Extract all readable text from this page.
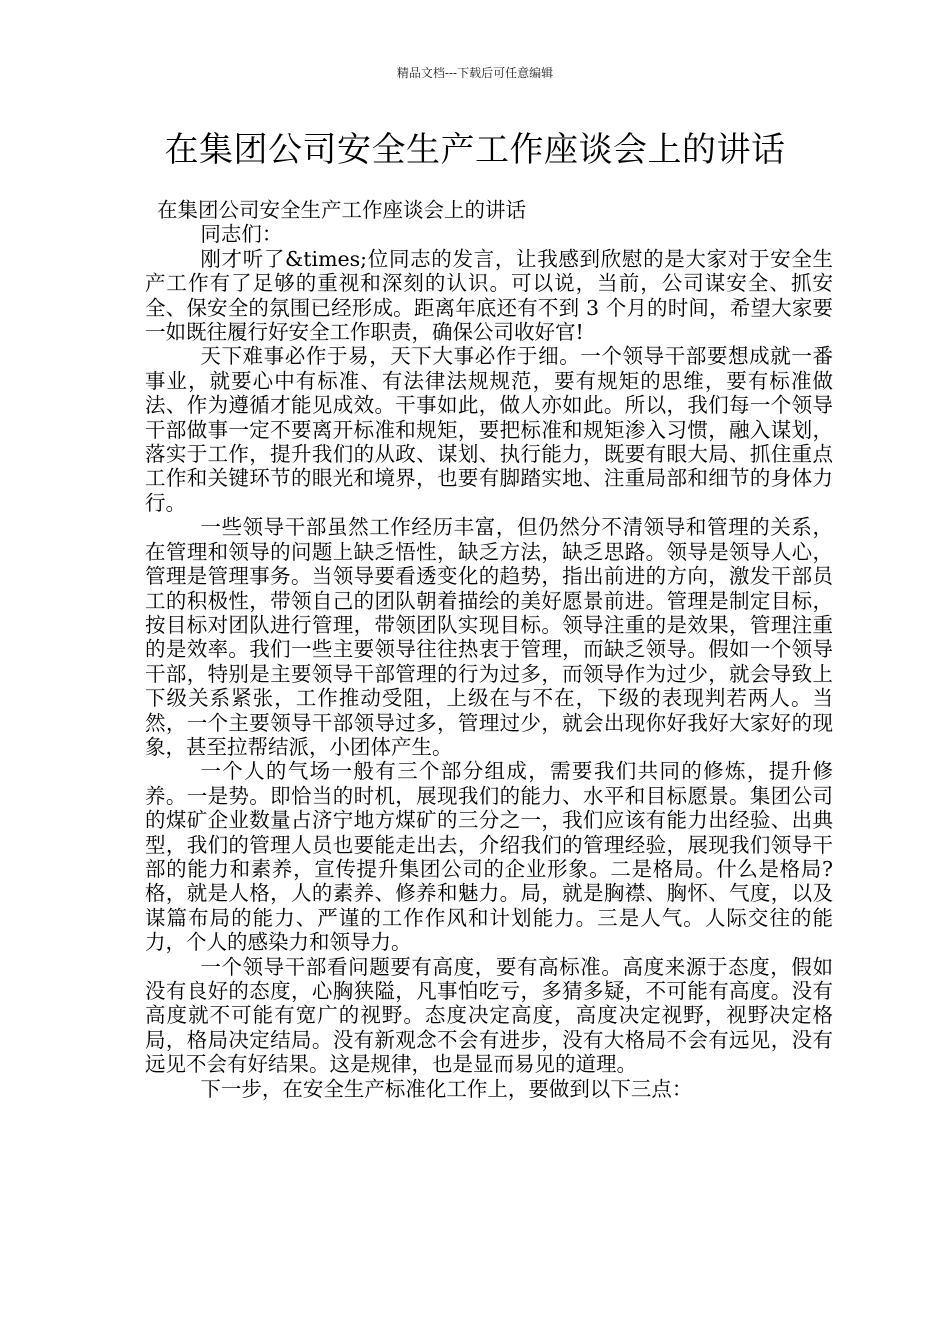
精品文档---下载后可任意编辑
在集团公司安全生产工作座谈会上的讲话

在集团公司安全生产工作座谈会上的讲话

同志们：

刚才听了&times;位同志的发言，让我感到欣慰的是大家对于安全生产工作有了足够的重视和深刻的认识。可以说，当前，公司谋安全、抓安全、保安全的氛围已经形成。距离年底还有不到 3 个月的时间，希望大家要一如既往履行好安全工作职责，确保公司收好官!

天下难事必作于易，天下大事必作于细。一个领导干部要想成就一番事业，就要心中有标准、有法律法规规范，要有规矩的思维，要有标准做法、作为遵循才能见成效。干事如此，做人亦如此。所以，我们每一个领导干部做事一定不要离开标准和规矩，要把标准和规矩渗入习惯，融入谋划，落实于工作，提升我们的从政、谋划、执行能力，既要有眼大局、抓住重点工作和关键环节的眼光和境界，也要有脚踏实地、注重局部和细节的身体力行。

一些领导干部虽然工作经历丰富，但仍然分不清领导和管理的关系，在管理和领导的问题上缺乏悟性，缺乏方法，缺乏思路。领导是领导人心，管理是管理事务。当领导要看透变化的趋势，指出前进的方向，激发干部员工的积极性，带领自己的团队朝着描绘的美好愿景前进。管理是制定目标，按目标对团队进行管理，带领团队实现目标。领导注重的是效果，管理注重的是效率。我们一些主要领导往往热衷于管理，而缺乏领导。假如一个领导干部，特别是主要领导干部管理的行为过多，而领导作为过少，就会导致上下级关系紧张，工作推动受阻，上级在与不在，下级的表现判若两人。当然，一个主要领导干部领导过多，管理过少，就会出现你好我好大家好的现象，甚至拉帮结派，小团体产生。

一个人的气场一般有三个部分组成，需要我们共同的修炼，提升修养。一是势。即恰当的时机，展现我们的能力、水平和目标愿景。集团公司的煤矿企业数量占济宁地方煤矿的三分之一，我们应该有能力出经验、出典型，我们的管理人员也要能走出去，介绍我们的管理经验，展现我们领导干部的能力和素养，宣传提升集团公司的企业形象。二是格局。什么是格局?格，就是人格，人的素养、修养和魅力。局，就是胸襟、胸怀、气度，以及谋篇布局的能力、严谨的工作作风和计划能力。三是人气。人际交往的能力，个人的感染力和领导力。

一个领导干部看问题要有高度，要有高标准。高度来源于态度，假如没有良好的态度，心胸狭隘，凡事怕吃亏，多猜多疑，不可能有高度。没有高度就不可能有宽广的视野。态度决定高度，高度决定视野，视野决定格局，格局决定结局。没有新观念不会有进步，没有大格局不会有远见，没有远见不会有好结果。这是规律，也是显而易见的道理。

下一步，在安全生产标准化工作上，要做到以下三点：
